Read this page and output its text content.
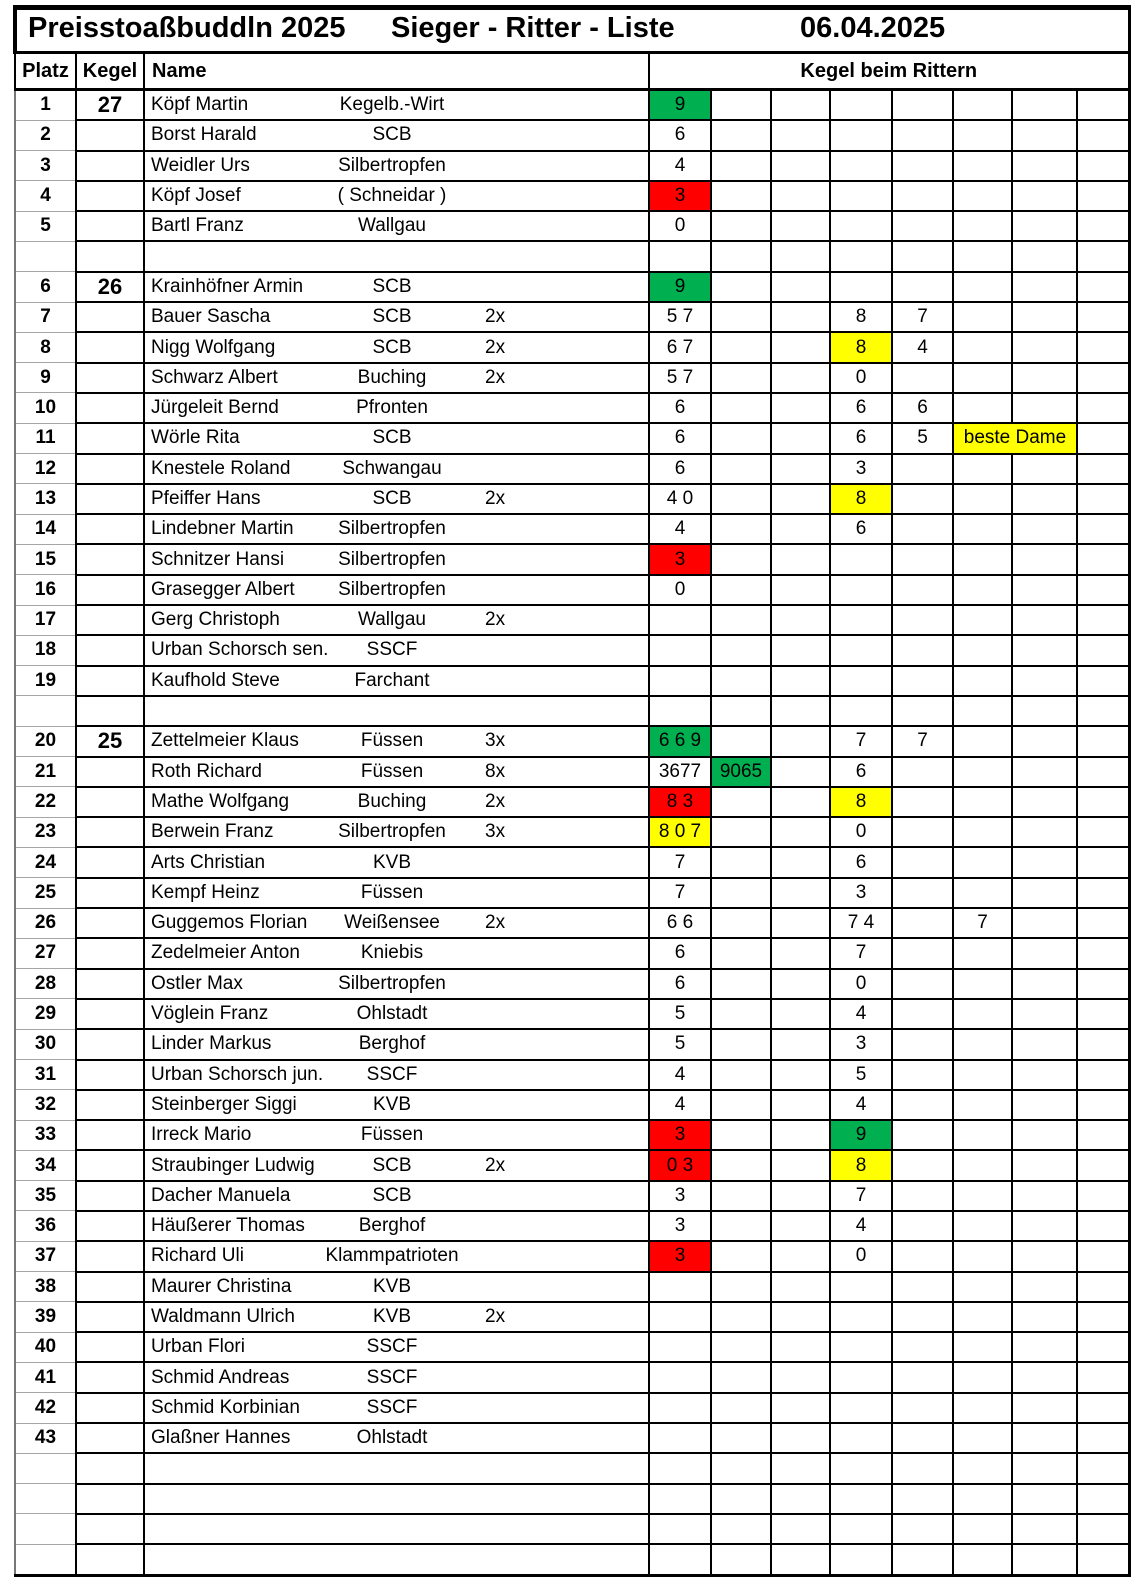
Preisstoaßbuddln 2025 Sieger - Ritter - Liste 06.04.2025										

Platz	Kegel	Name	Kegel beim Rittern							
1	27	Köpf Martin Kegelb.-Wirt	9							
2		Borst Harald SCB	6							
3		Weidler Urs Silbertropfen	4							
4		Köpf Josef ( Schneidar )	3							
5		Bartl Franz Wallgau	0							

6	26	Krainhöfner Armin SCB	9							
7		Bauer Sascha SCB 2x	5 7			8	7			
8		Nigg Wolfgang SCB 2x	6 7			8	4			
9		Schwarz Albert Buching 2x	5 7			0				
10		Jürgeleit Bernd Pfronten	6			6	6			
11		Wörle Rita SCB	6			6	5	beste Dame		
12		Knestele Roland Schwangau	6			3				
13		Pfeiffer Hans SCB 2x	4 0			8				
14		Lindebner Martin Silbertropfen	4			6				
15		Schnitzer Hansi Silbertropfen	3							
16		Grasegger Albert Silbertropfen	0							
17		Gerg Christoph Wallgau 2x								

18		Urban Schorsch sen. SSCF								

19		Kaufhold Steve Farchant								

20	25	Zettelmeier Klaus Füssen 3x	6 6 9			7	7			
21		Roth Richard Füssen 8x	3677	9065		6				
22		Mathe Wolfgang Buching 2x	8 3			8				
23		Berwein Franz Silbertropfen 3x	8 0 7			0				
24		Arts Christian KVB	7			6				
25		Kempf Heinz Füssen	7			3				
26		Guggemos Florian Weißensee 2x	6 6			7 4		7		
27		Zedelmeier Anton Kniebis	6			7				
28		Ostler Max Silbertropfen	6			0				
29		Vöglein Franz Ohlstadt	5			4				
30		Linder Markus Berghof	5			3				
31		Urban Schorsch jun. SSCF	4			5				
32		Steinberger Siggi KVB	4			4				
33		Irreck Mario Füssen	3			9				
34		Straubinger Ludwig SCB 2x	0 3			8				
35		Dacher Manuela SCB	3			7				
36		Häußerer Thomas Berghof	3			4				
37		Richard Uli Klammpatrioten	3			0				
38		Maurer Christina KVB								

39		Waldmann Ulrich KVB 2x								

40		Urban Flori SSCF								

41		Schmid Andreas SSCF								

42		Schmid Korbinian SSCF								

43		Glaßner Hannes Ohlstadt								
